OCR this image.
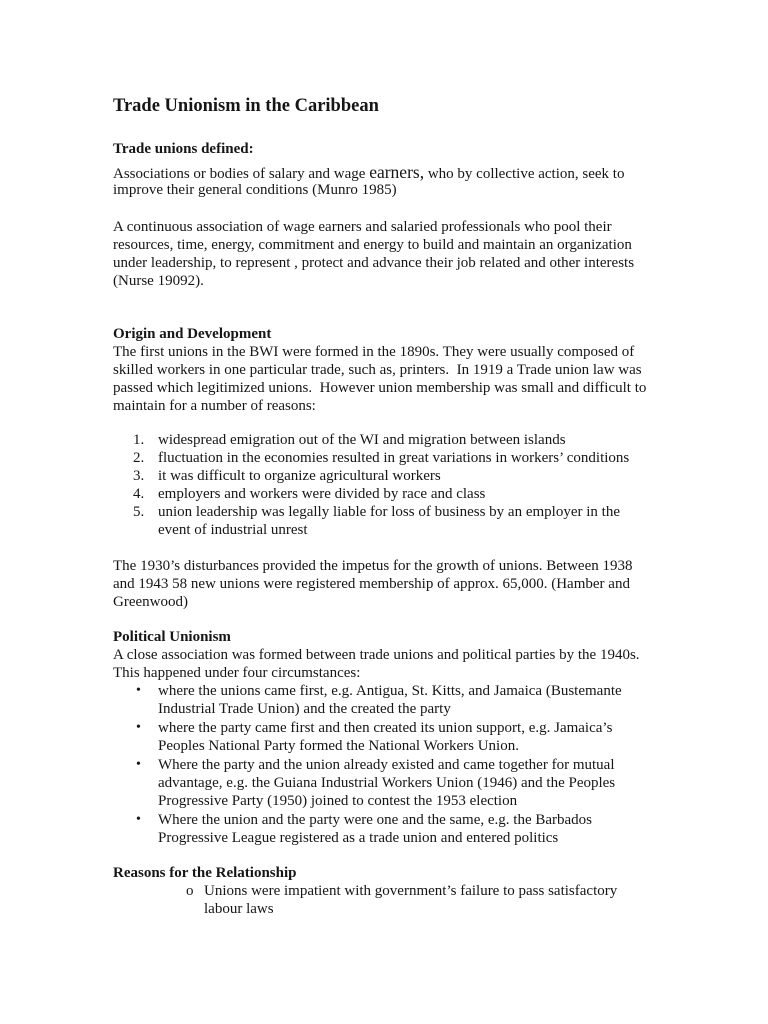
Trade Unionism in the Caribbean
Trade unions defined:
Associations or bodies of salary and wage earners, who by collective action, seek to
improve their general conditions (Munro 1985)
A continuous association of wage earners and salaried professionals who pool their
resources, time, energy, commitment and energy to build and maintain an organization
under leadership, to represent , protect and advance their job related and other interests
(Nurse 19092).
Origin and Development
The first unions in the BWI were formed in the 1890s. They were usually composed of
skilled workers in one particular trade, such as, printers.  In 1919 a Trade union law was
passed which legitimized unions.  However union membership was small and difficult to
maintain for a number of reasons:
1. widespread emigration out of the WI and migration between islands
2. fluctuation in the economies resulted in great variations in workers’ conditions
3. it was difficult to organize agricultural workers
4. employers and workers were divided by race and class
5. union leadership was legally liable for loss of business by an employer in the
event of industrial unrest
The 1930’s disturbances provided the impetus for the growth of unions. Between 1938
and 1943 58 new unions were registered membership of approx. 65,000. (Hamber and
Greenwood)
Political Unionism
A close association was formed between trade unions and political parties by the 1940s.
This happened under four circumstances:
• where the unions came first, e.g. Antigua, St. Kitts, and Jamaica (Bustemante
Industrial Trade Union) and the created the party
• where the party came first and then created its union support, e.g. Jamaica’s
Peoples National Party formed the National Workers Union.
• Where the party and the union already existed and came together for mutual
advantage, e.g. the Guiana Industrial Workers Union (1946) and the Peoples
Progressive Party (1950) joined to contest the 1953 election
• Where the union and the party were one and the same, e.g. the Barbados
Progressive League registered as a trade union and entered politics
Reasons for the Relationship
o Unions were impatient with government’s failure to pass satisfactory
labour laws
